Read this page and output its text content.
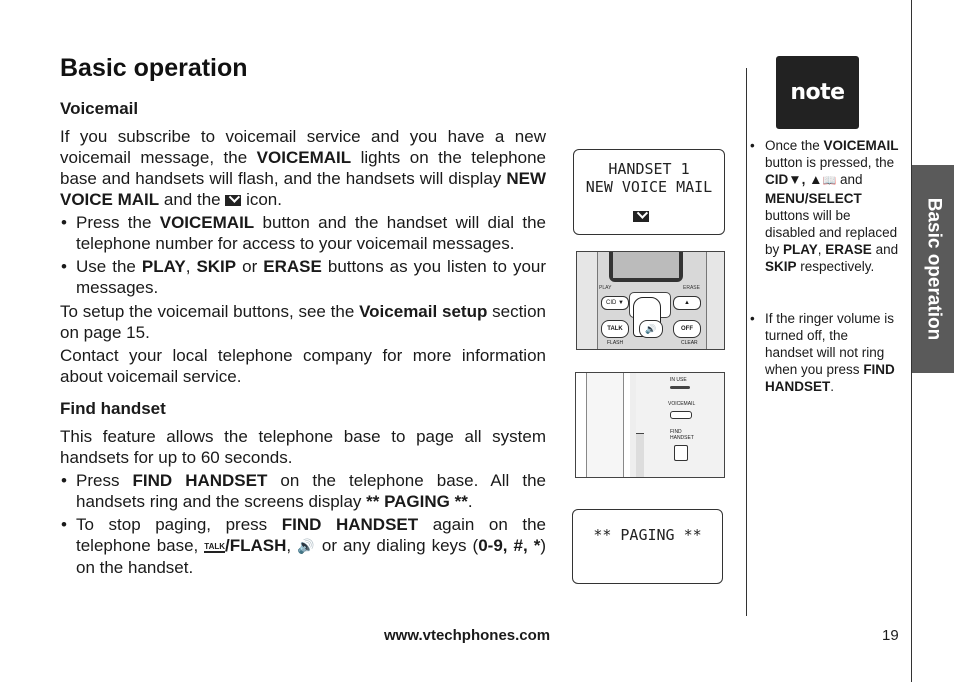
Basic operation
Voicemail
If you subscribe to voicemail service and you have a new voicemail message, the VOICEMAIL lights on the telephone base and handsets will flash, and the handsets will display NEW VOICE MAIL and the  icon.
• Press the VOICEMAIL button and the handset will dial the telephone number for access to your voicemail messages.
• Use the PLAY, SKIP or ERASE buttons as you listen to your messages.
To setup the voicemail buttons, see the Voicemail setup section on page 15.
Contact your local telephone company for more information about voicemail service.
Find handset
This feature allows the telephone base to page all system handsets for up to 60 seconds.
• Press FIND HANDSET on the telephone base. All the handsets ring and the screens display ** PAGING **.
• To stop paging, press FIND HANDSET again on the telephone base, TALK/FLASH, 🔊 or any dialing keys (0-9, #, *) on the handset.
HANDSET 1
NEW VOICE MAIL
PLAY	ERASE
CID ▼	▲
TALK	🔊	OFF
FLASH	CLEAR
IN USE
VOICEMAIL
FIND HANDSET
** PAGING **
Basic operation
note
• Once the VOICEMAIL button is pressed, the CID▼, ▲📖 and MENU/SELECT buttons will be disabled and replaced by PLAY, ERASE and SKIP respectively.
• If the ringer volume is turned off, the handset will not ring when you press FIND HANDSET.
www.vtechphones.com	19
